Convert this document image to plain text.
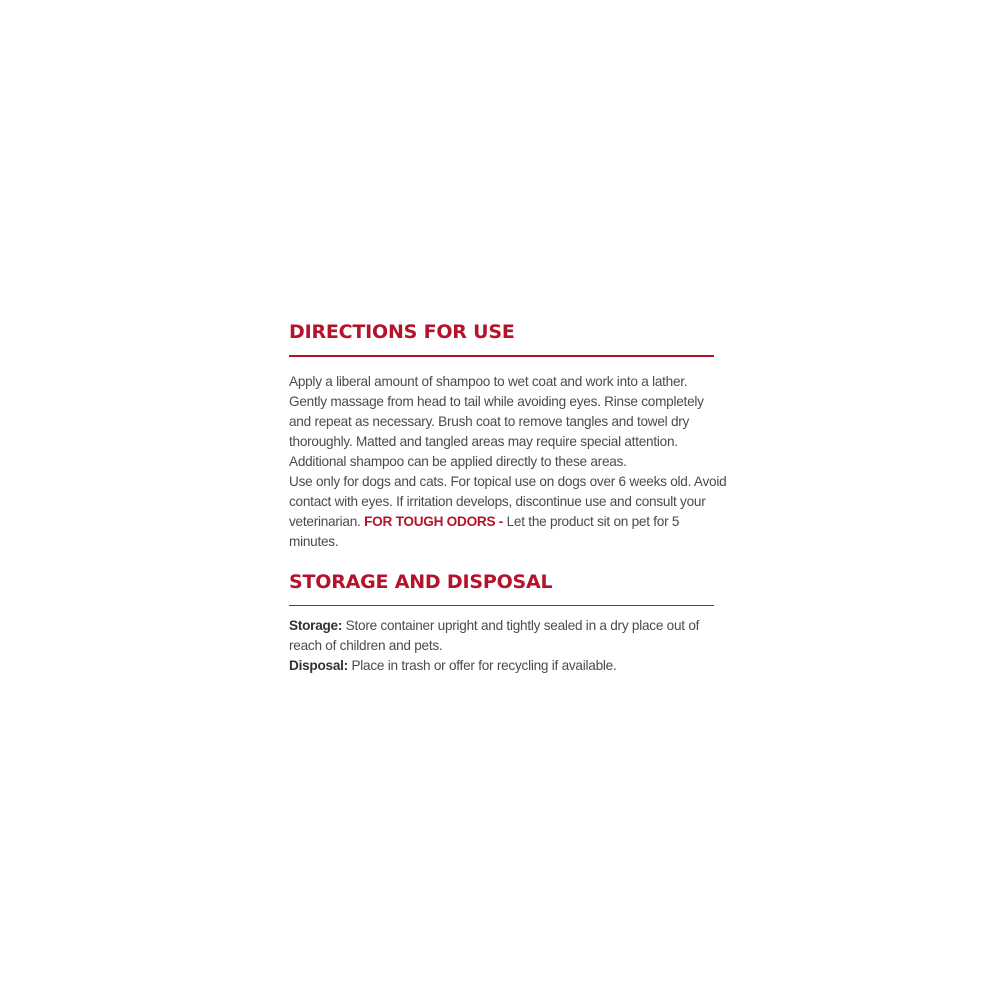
DIRECTIONS FOR USE

Apply a liberal amount of shampoo to wet coat and work into a lather.
Gently massage from head to tail while avoiding eyes. Rinse completely
and repeat as necessary. Brush coat to remove tangles and towel dry
thoroughly. Matted and tangled areas may require special attention.
Additional shampoo can be applied directly to these areas.
Use only for dogs and cats. For topical use on dogs over 6 weeks old. Avoid
contact with eyes. If irritation develops, discontinue use and consult your
veterinarian. FOR TOUGH ODORS - Let the product sit on pet for 5
minutes.

STORAGE AND DISPOSAL

Storage: Store container upright and tightly sealed in a dry place out of
reach of children and pets.
Disposal: Place in trash or offer for recycling if available.
